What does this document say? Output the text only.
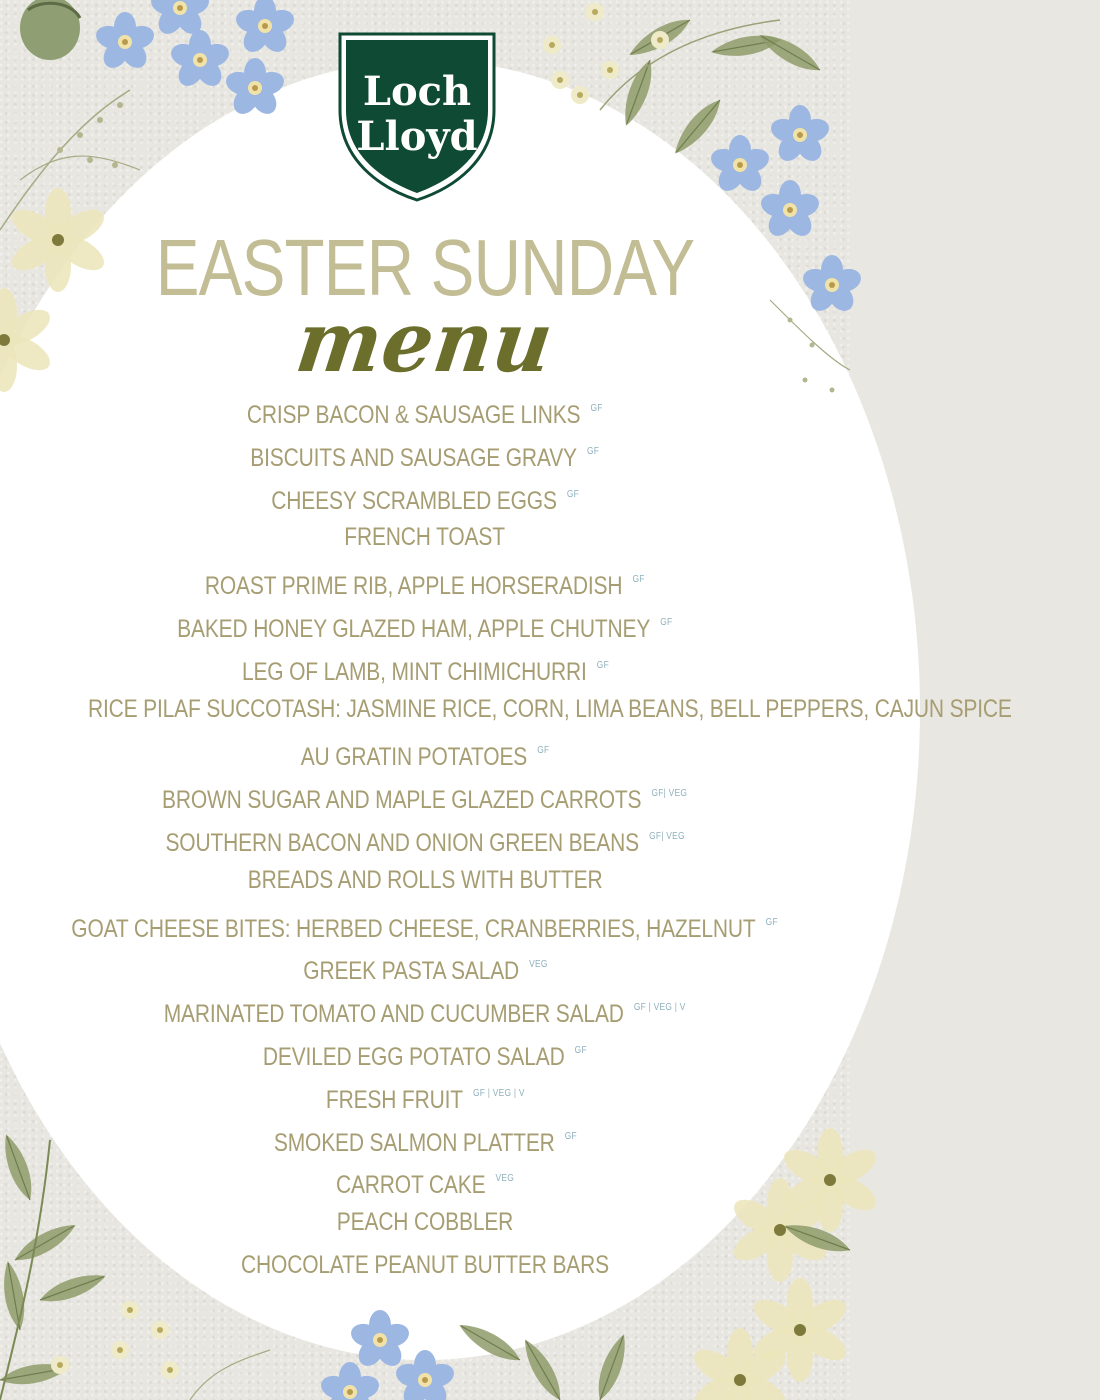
Loch
Lloyd
EASTER SUNDAY
menu
CRISP BACON & SAUSAGE LINKS $^{GF}$
BISCUITS AND SAUSAGE GRAVY $^{GF}$
CHEESY SCRAMBLED EGGS $^{GF}$
FRENCH TOAST
ROAST PRIME RIB, APPLE HORSERADISH $^{GF}$
BAKED HONEY GLAZED HAM, APPLE CHUTNEY $^{GF}$
LEG OF LAMB, MINT CHIMICHURRI $^{GF}$
RICE PILAF SUCCOTASH: JASMINE RICE, CORN, LIMA BEANS, BELL PEPPERS, CAJUN SPICE
AU GRATIN POTATOES $^{GF}$
BROWN SUGAR AND MAPLE GLAZED CARROTS $^{GF| VEG}$
SOUTHERN BACON AND ONION GREEN BEANS $^{GF| VEG}$
BREADS AND ROLLS WITH BUTTER
GOAT CHEESE BITES: HERBED CHEESE, CRANBERRIES, HAZELNUT $^{GF}$
GREEK PASTA SALAD $^{VEG}$
MARINATED TOMATO AND CUCUMBER SALAD $^{GF | VEG | V}$
DEVILED EGG POTATO SALAD $^{GF}$
FRESH FRUIT $^{GF | VEG | V}$
SMOKED SALMON PLATTER $^{GF}$
CARROT CAKE $^{VEG}$
PEACH COBBLER
CHOCOLATE PEANUT BUTTER BARS
